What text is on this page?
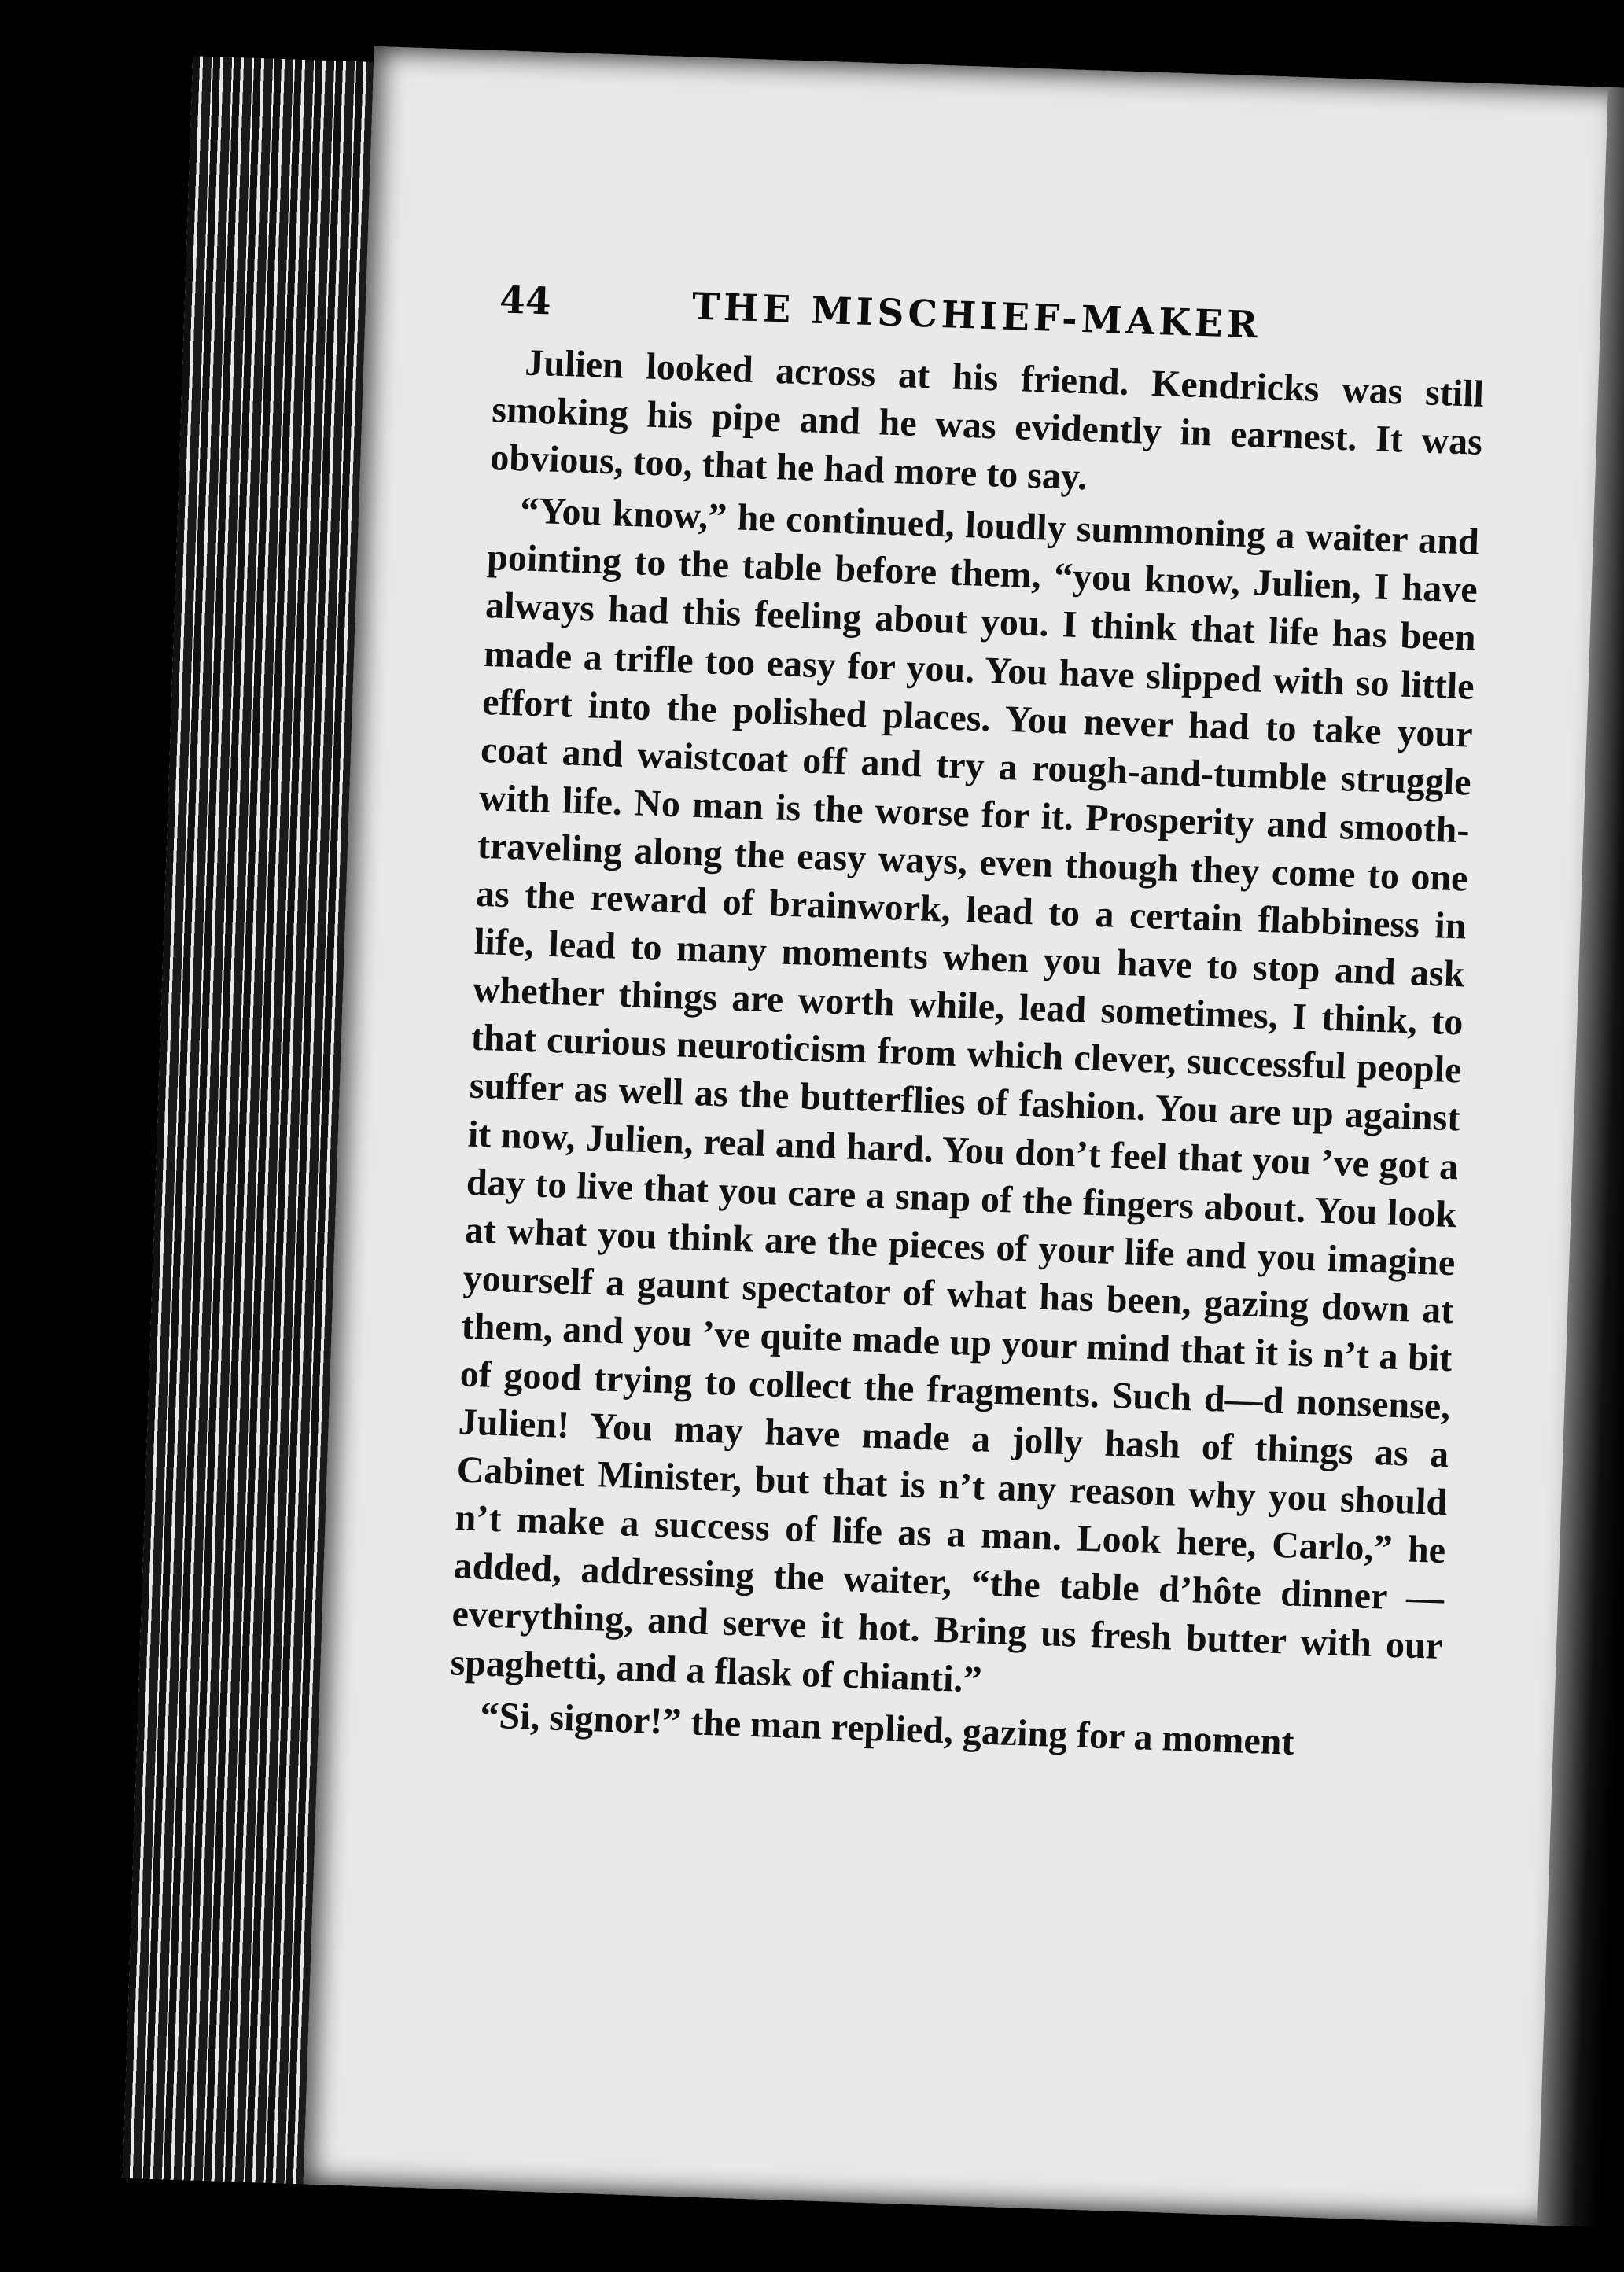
44	THE MISCHIEF-MAKER

Julien looked across at his friend. Kendricks was still smoking his pipe and he was evidently in earnest. It was obvious, too, that he had more to say.

“You know,” he continued, loudly summoning a waiter and pointing to the table before them, “you know, Julien, I have always had this feeling about you. I think that life has been made a trifle too easy for you. You have slipped with so little effort into the polished places. You never had to take your coat and waistcoat off and try a rough-and-tumble struggle with life. No man is the worse for it. Prosperity and smooth-traveling along the easy ways, even though they come to one as the reward of brainwork, lead to a certain flabbiness in life, lead to many moments when you have to stop and ask whether things are worth while, lead sometimes, I think, to that curious neuroticism from which clever, successful people suffer as well as the butterflies of fashion. You are up against it now, Julien, real and hard. You don’t feel that you ’ve got a day to live that you care a snap of the fingers about. You look at what you think are the pieces of your life and you imagine yourself a gaunt spectator of what has been, gazing down at them, and you ’ve quite made up your mind that it is n’t a bit of good trying to collect the fragments. Such d—d nonsense, Julien! You may have made a jolly hash of things as a Cabinet Minister, but that is n’t any reason why you should n’t make a success of life as a man. Look here, Carlo,” he added, addressing the waiter, “the table d’hôte dinner — everything, and serve it hot. Bring us fresh butter with our spaghetti, and a flask of chianti.”

“Si, signor!” the man replied, gazing for a moment
